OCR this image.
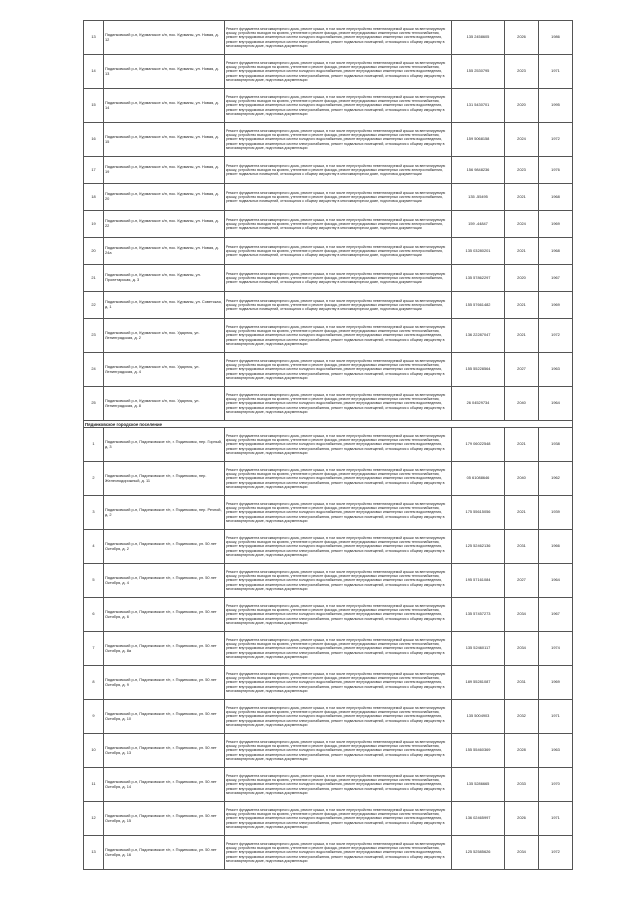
13	Пядинковский р-н, Курманское с/п, пос. Курманы, ул. Новая, д. 12	Ремонт фундамента многоквартирного дома, ремонт крыши, в том числе переустройство невентилируемой крыши на вентилируемую крышу, устройство выходов на кровлю, утепление и ремонт фасада, ремонт внутридомовых инженерных систем теплоснабжения, ремонт внутридомовых инженерных систем холодного водоснабжения, ремонт внутридомовых инженерных систем водоотведения, ремонт внутридомовых инженерных систем электроснабжения, ремонт подвальных помещений, относящихся к общему имуществу в многоквартирном доме, подготовка документации	135 2458605	2026	1986
14	Пядинковский р-н, Курманское с/п, пос. Курманы, ул. Новая, д. 13	Ремонт фундамента многоквартирного дома, ремонт крыши, в том числе переустройство невентилируемой крыши на вентилируемую крышу, устройство выходов на кровлю, утепление и ремонт фасада, ремонт внутридомовых инженерных систем теплоснабжения, ремонт внутридомовых инженерных систем холодного водоснабжения, ремонт внутридомовых инженерных систем водоотведения, ремонт внутридомовых инженерных систем электроснабжения, ремонт подвальных помещений, относящихся к общему имуществу в многоквартирном доме, подготовка документации	155 2530795	2023	1971
15	Пядинковский р-н, Курманское с/п, пос. Курманы, ул. Новая, д. 14	Ремонт фундамента многоквартирного дома, ремонт крыши, в том числе переустройство невентилируемой крыши на вентилируемую крышу, устройство выходов на кровлю, утепление и ремонт фасада, ремонт внутридомовых инженерных систем теплоснабжения, ремонт внутридомовых инженерных систем холодного водоснабжения, ремонт внутридомовых инженерных систем водоотведения, ремонт внутридомовых инженерных систем электроснабжения, ремонт подвальных помещений, относящихся к общему имуществу в многоквартирном доме, подготовка документации	131 5430701	2020	1995
16	Пядинковский р-н, Курманское с/п, пос. Курманы, ул. Новая, д. 15	Ремонт фундамента многоквартирного дома, ремонт крыши, в том числе переустройство невентилируемой крыши на вентилируемую крышу, устройство выходов на кровлю, утепление и ремонт фасада, ремонт внутридомовых инженерных систем теплоснабжения, ремонт внутридомовых инженерных систем холодного водоснабжения, ремонт внутридомовых инженерных систем водоотведения, ремонт внутридомовых инженерных систем электроснабжения, ремонт подвальных помещений, относящихся к общему имуществу в многоквартирном доме, подготовка документации	159 5068158	2024	1972
17	Пядинковский р-н, Курманское с/п, пос. Курманы, ул. Новая, д. 19	Ремонт фундамента многоквартирного дома, ремонт крыши, в том числе переустройство невентилируемой крыши на вентилируемую крышу, устройство выходов на кровлю, утепление и ремонт фасада, ремонт внутридомовых инженерных систем электроснабжения, ремонт подвальных помещений, относящихся к общему имуществу в многоквартирном доме, подготовка документации	156 9848236	2023	1976
18	Пядинковский р-н, Курманское с/п, пос. Курманы, ул. Новая, д. 20	Ремонт фундамента многоквартирного дома, ремонт крыши, в том числе переустройство невентилируемой крыши на вентилируемую крышу, устройство выходов на кровлю, утепление и ремонт фасада, ремонт внутридомовых инженерных систем электроснабжения, ремонт подвальных помещений, относящихся к общему имуществу в многоквартирном доме, подготовка документации	135 -55495	2021	1968
19	Пядинковский р-н, Курманское с/п, пос. Курманы, ул. Новая, д. 22	Ремонт фундамента многоквартирного дома, ремонт крыши, в том числе переустройство невентилируемой крыши на вентилируемую крышу, устройство выходов на кровлю, утепление и ремонт фасада, ремонт внутридомовых инженерных систем электроснабжения, ремонт подвальных помещений, относящихся к общему имуществу в многоквартирном доме, подготовка документации	159 -44847	2024	1969
20	Пядинковский р-н, Курманское с/п, пос. Курманы, ул. Новая, д. 24а	Ремонт фундамента многоквартирного дома, ремонт крыши, в том числе переустройство невентилируемой крыши на вентилируемую крышу, устройство выходов на кровлю, утепление и ремонт фасада, ремонт внутридомовых инженерных систем электроснабжения, ремонт подвальных помещений, относящихся к общему имуществу в многоквартирном доме, подготовка документации	135 03280201	2021	1968
21	Пядинковский р-н, Курманское с/п, пос. Курманы, ул. Пролетарская, д. 3	Ремонт фундамента многоквартирного дома, ремонт крыши, в том числе переустройство невентилируемой крыши на вентилируемую крышу, устройство выходов на кровлю, утепление и ремонт фасада, ремонт внутридомовых инженерных систем электроснабжения, ремонт подвальных помещений, относящихся к общему имуществу в многоквартирном доме, подготовка документации	135 57862297	2020	1967
22	Пядинковский р-н, Курманское с/п, пос. Курманы, ул. Советская, д. 1	Ремонт фундамента многоквартирного дома, ремонт крыши, в том числе переустройство невентилируемой крыши на вентилируемую крышу, устройство выходов на кровлю, утепление и ремонт фасада, ремонт внутридомовых инженерных систем электроснабжения, ремонт подвальных помещений, относящихся к общему имуществу в многоквартирном доме, подготовка документации	155 57661482	2021	1969
23	Пядинковский р-н, Курманское с/п, пос. Ударник, ул. Ленинградская, д. 2	Ремонт фундамента многоквартирного дома, ремонт крыши, в том числе переустройство невентилируемой крыши на вентилируемую крышу, устройство выходов на кровлю, утепление и ремонт фасада, ремонт внутридомовых инженерных систем теплоснабжения, ремонт внутридомовых инженерных систем холодного водоснабжения, ремонт внутридомовых инженерных систем водоотведения, ремонт внутридомовых инженерных систем электроснабжения, ремонт подвальных помещений, относящихся к общему имуществу в многоквартирном доме, подготовка документации	136 22287047	2021	1972
24	Пядинковский р-н, Курманское с/п, пос. Ударник, ул. Ленинградская, д. 4	Ремонт фундамента многоквартирного дома, ремонт крыши, в том числе переустройство невентилируемой крыши на вентилируемую крышу, устройство выходов на кровлю, утепление и ремонт фасада, ремонт внутридомовых инженерных систем теплоснабжения, ремонт внутридомовых инженерных систем холодного водоснабжения, ремонт внутридомовых инженерных систем водоотведения, ремонт внутридомовых инженерных систем электроснабжения, ремонт подвальных помещений, относящихся к общему имуществу в многоквартирном доме, подготовка документации	155 55228564	2027	1963
25	Пядинковский р-н, Курманское с/п, пос. Ударник, ул. Ленинградская, д. 8	Ремонт фундамента многоквартирного дома, ремонт крыши, в том числе переустройство невентилируемой крыши на вентилируемую крышу, устройство выходов на кровлю, утепление и ремонт фасада, ремонт внутридомовых инженерных систем теплоснабжения, ремонт внутридомовых инженерных систем холодного водоснабжения, ремонт внутридомовых инженерных систем водоотведения, ремонт внутридомовых инженерных систем электроснабжения, ремонт подвальных помещений, относящихся к общему имуществу в многоквартирном доме, подготовка документации	26 04529734	2040	1964
Пядинковское городское поселение					
1	Пядинковский р-н, Пядинковское г/п, г. Пядинковск, пер. Горный, д. 3	Ремонт фундамента многоквартирного дома, ремонт крыши, в том числе переустройство невентилируемой крыши на вентилируемую крышу, устройство выходов на кровлю, утепление и ремонт фасада, ремонт внутридомовых инженерных систем теплоснабжения, ремонт внутридомовых инженерных систем холодного водоснабжения, ремонт внутридомовых инженерных систем водоотведения, ремонт внутридомовых инженерных систем электроснабжения, ремонт подвальных помещений, относящихся к общему имуществу в многоквартирном доме, подготовка документации	179 06022548	2021	1938
2	Пядинковский р-н, Пядинковское г/п, г. Пядинковск, пер. Железнодорожный, д. 11	Ремонт фундамента многоквартирного дома, ремонт крыши, в том числе переустройство невентилируемой крыши на вентилируемую крышу, устройство выходов на кровлю, утепление и ремонт фасада, ремонт внутридомовых инженерных систем теплоснабжения, ремонт внутридомовых инженерных систем холодного водоснабжения, ремонт внутридомовых инженерных систем водоотведения, ремонт внутридомовых инженерных систем электроснабжения, ремонт подвальных помещений, относящихся к общему имуществу в многоквартирном доме, подготовка документации	05 61088646	2040	1962
3	Пядинковский р-н, Пядинковское г/п, г. Пядинковск, пер. Речной, д. 2	Ремонт фундамента многоквартирного дома, ремонт крыши, в том числе переустройство невентилируемой крыши на вентилируемую крышу, устройство выходов на кровлю, утепление и ремонт фасада, ремонт внутридомовых инженерных систем теплоснабжения, ремонт внутридомовых инженерных систем холодного водоснабжения, ремонт внутридомовых инженерных систем водоотведения, ремонт внутридомовых инженерных систем электроснабжения, ремонт подвальных помещений, относящихся к общему имуществу в многоквартирном доме, подготовка документации	175 55615056	2021	1939
4	Пядинковский р-н, Пядинковское г/п, г. Пядинковск, ул. 50 лет Октября, д. 2	Ремонт фундамента многоквартирного дома, ремонт крыши, в том числе переустройство невентилируемой крыши на вентилируемую крышу, устройство выходов на кровлю, утепление и ремонт фасада, ремонт внутридомовых инженерных систем теплоснабжения, ремонт внутридомовых инженерных систем холодного водоснабжения, ремонт внутридомовых инженерных систем водоотведения, ремонт внутридомовых инженерных систем электроснабжения, ремонт подвальных помещений, относящихся к общему имуществу в многоквартирном доме, подготовка документации	125 52462136	2031	1966
5	Пядинковский р-н, Пядинковское г/п, г. Пядинковск, ул. 50 лет Октября, д. 4	Ремонт фундамента многоквартирного дома, ремонт крыши, в том числе переустройство невентилируемой крыши на вентилируемую крышу, устройство выходов на кровлю, утепление и ремонт фасада, ремонт внутридомовых инженерных систем теплоснабжения, ремонт внутридомовых инженерных систем холодного водоснабжения, ремонт внутридомовых инженерных систем водоотведения, ремонт внутридомовых инженерных систем электроснабжения, ремонт подвальных помещений, относящихся к общему имуществу в многоквартирном доме, подготовка документации	195 57161084	2027	1964
6	Пядинковский р-н, Пядинковское г/п, г. Пядинковск, ул. 50 лет Октября, д. 6	Ремонт фундамента многоквартирного дома, ремонт крыши, в том числе переустройство невентилируемой крыши на вентилируемую крышу, устройство выходов на кровлю, утепление и ремонт фасада, ремонт внутридомовых инженерных систем теплоснабжения, ремонт внутридомовых инженерных систем холодного водоснабжения, ремонт внутридомовых инженерных систем водоотведения, ремонт внутридомовых инженерных систем электроснабжения, ремонт подвальных помещений, относящихся к общему имуществу в многоквартирном доме, подготовка документации	135 57457273	2034	1967
7	Пядинковский р-н, Пядинковское г/п, г. Пядинковск, ул. 50 лет Октября, д. 8а	Ремонт фундамента многоквартирного дома, ремонт крыши, в том числе переустройство невентилируемой крыши на вентилируемую крышу, устройство выходов на кровлю, утепление и ремонт фасада, ремонт внутридомовых инженерных систем теплоснабжения, ремонт внутридомовых инженерных систем холодного водоснабжения, ремонт внутридомовых инженерных систем водоотведения, ремонт внутридомовых инженерных систем электроснабжения, ремонт подвальных помещений, относящихся к общему имуществу в многоквартирном доме, подготовка документации	135 52460117	2034	1974
8	Пядинковский р-н, Пядинковское г/п, г. Пядинковск, ул. 50 лет Октября, д. 9	Ремонт фундамента многоквартирного дома, ремонт крыши, в том числе переустройство невентилируемой крыши на вентилируемую крышу, устройство выходов на кровлю, утепление и ремонт фасада, ремонт внутридомовых инженерных систем теплоснабжения, ремонт внутридомовых инженерных систем холодного водоснабжения, ремонт внутридомовых инженерных систем водоотведения, ремонт внутридомовых инженерных систем электроснабжения, ремонт подвальных помещений, относящихся к общему имуществу в многоквартирном доме, подготовка документации	189 55281087	2031	1969
9	Пядинковский р-н, Пядинковское г/п, г. Пядинковск, ул. 50 лет Октября, д. 10	Ремонт фундамента многоквартирного дома, ремонт крыши, в том числе переустройство невентилируемой крыши на вентилируемую крышу, устройство выходов на кровлю, утепление и ремонт фасада, ремонт внутридомовых инженерных систем теплоснабжения, ремонт внутридомовых инженерных систем холодного водоснабжения, ремонт внутридомовых инженерных систем водоотведения, ремонт внутридомовых инженерных систем электроснабжения, ремонт подвальных помещений, относящихся к общему имуществу в многоквартирном доме, подготовка документации	135 5004903	2032	1971
10	Пядинковский р-н, Пядинковское г/п, г. Пядинковск, ул. 50 лет Октября, д. 13	Ремонт фундамента многоквартирного дома, ремонт крыши, в том числе переустройство невентилируемой крыши на вентилируемую крышу, устройство выходов на кровлю, утепление и ремонт фасада, ремонт внутридомовых инженерных систем теплоснабжения, ремонт внутридомовых инженерных систем холодного водоснабжения, ремонт внутридомовых инженерных систем водоотведения, ремонт внутридомовых инженерных систем электроснабжения, ремонт подвальных помещений, относящихся к общему имуществу в многоквартирном доме, подготовка документации	155 55460369	2028	1963
11	Пядинковский р-н, Пядинковское г/п, г. Пядинковск, ул. 50 лет Октября, д. 14	Ремонт фундамента многоквартирного дома, ремонт крыши, в том числе переустройство невентилируемой крыши на вентилируемую крышу, устройство выходов на кровлю, утепление и ремонт фасада, ремонт внутридомовых инженерных систем теплоснабжения, ремонт внутридомовых инженерных систем холодного водоснабжения, ремонт внутридомовых инженерных систем водоотведения, ремонт внутридомовых инженерных систем электроснабжения, ремонт подвальных помещений, относящихся к общему имуществу в многоквартирном доме, подготовка документации	135 5286665	2033	1970
12	Пядинковский р-н, Пядинковское г/п, г. Пядинковск, ул. 50 лет Октября, д. 15	Ремонт фундамента многоквартирного дома, ремонт крыши, в том числе переустройство невентилируемой крыши на вентилируемую крышу, устройство выходов на кровлю, утепление и ремонт фасада, ремонт внутридомовых инженерных систем теплоснабжения, ремонт внутридомовых инженерных систем холодного водоснабжения, ремонт внутридомовых инженерных систем водоотведения, ремонт внутридомовых инженерных систем электроснабжения, ремонт подвальных помещений, относящихся к общему имуществу в многоквартирном доме, подготовка документации	136 02465997	2026	1971
13	Пядинковский р-н, Пядинковское г/п, г. Пядинковск, ул. 50 лет Октября, д. 16	Ремонт фундамента многоквартирного дома, ремонт крыши, в том числе переустройство невентилируемой крыши на вентилируемую крышу, устройство выходов на кровлю, утепление и ремонт фасада, ремонт внутридомовых инженерных систем теплоснабжения, ремонт внутридомовых инженерных систем холодного водоснабжения, ремонт внутридомовых инженерных систем водоотведения, ремонт внутридомовых инженерных систем электроснабжения, ремонт подвальных помещений, относящихся к общему имуществу в многоквартирном доме, подготовка документации	125 52585626	2034	1972
